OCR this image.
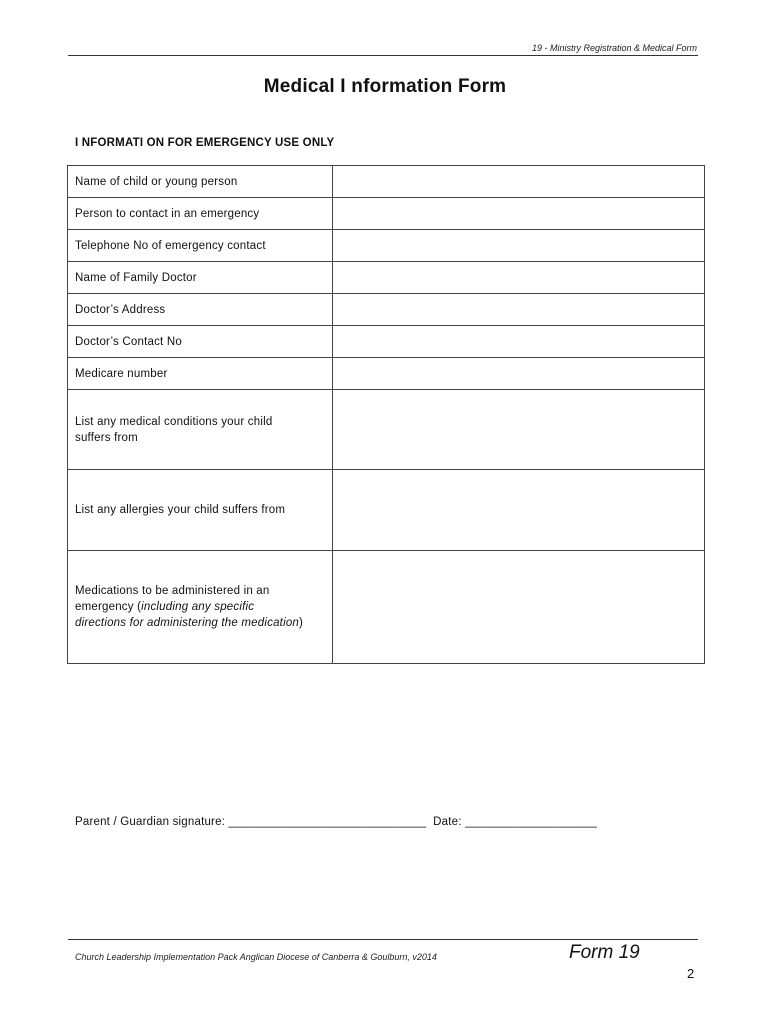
19 - Ministry Registration & Medical Form
Medical I nformation Form
I NFORMATI ON FOR EMERGENCY USE ONLY
Name of child or young person	
Person to contact in an emergency	
Telephone No of emergency contact	
Name of Family Doctor	
Doctor’s Address	
Doctor’s Contact No	
Medicare number	
List any medical conditions your child
suffers from	
List any allergies your child suffers from	
Medications to be administered in an
emergency (including any specific
directions for administering the medication)	
Parent / Guardian signature: ______________________________ Date: ____________________
Church Leadership Implementation Pack Anglican Diocese of Canberra & Goulburn, v2014	Form 19
2
